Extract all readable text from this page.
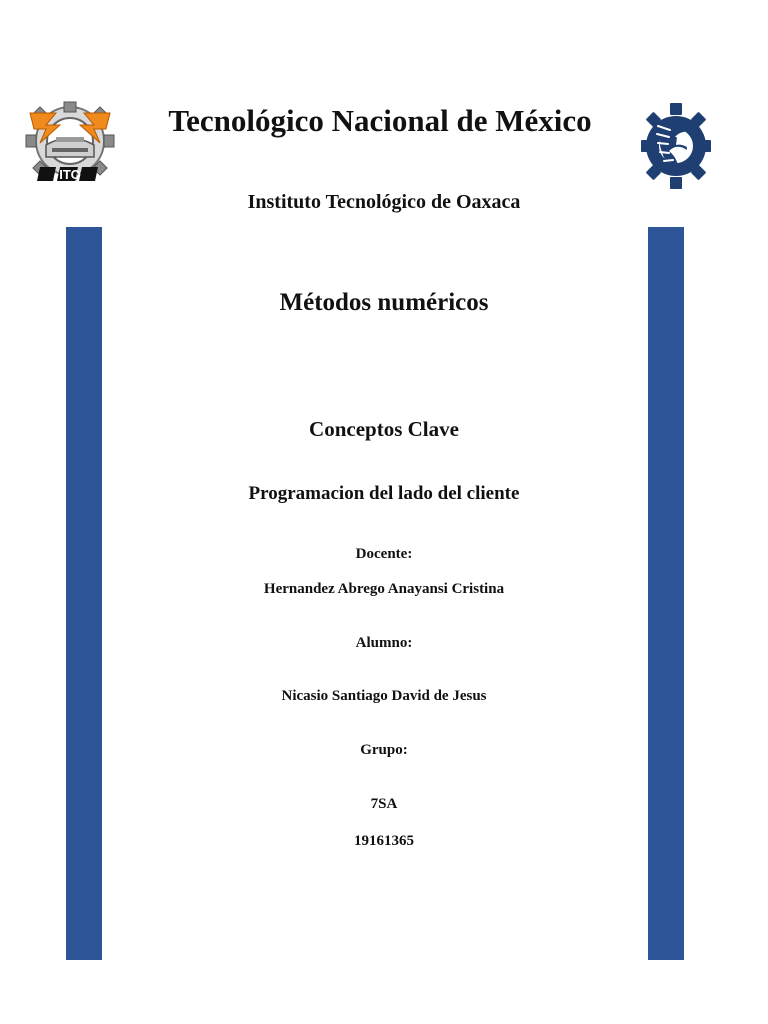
ITO
Tecnológico Nacional de México
Instituto Tecnológico de Oaxaca
Métodos numéricos
Conceptos Clave
Programacion del lado del cliente
Docente:
Hernandez Abrego Anayansi Cristina
Alumno:
Nicasio Santiago David de Jesus
Grupo:
7SA
19161365
